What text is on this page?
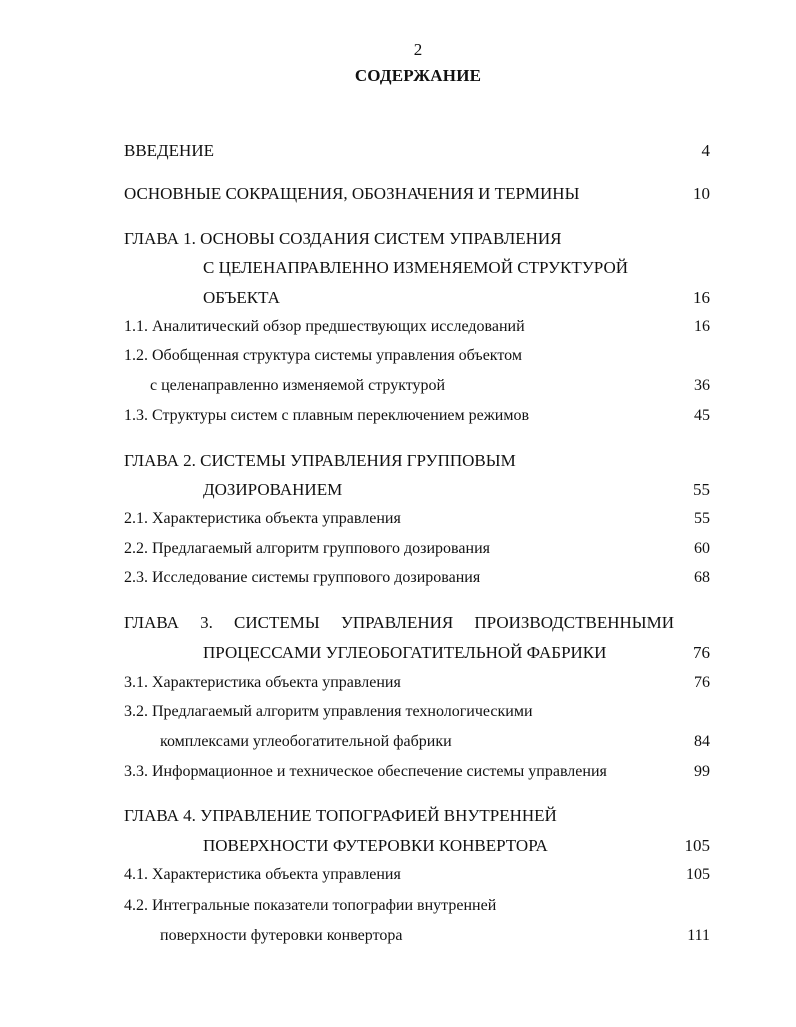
2
СОДЕРЖАНИЕ
ВВЕДЕНИЕ	4
ОСНОВНЫЕ СОКРАЩЕНИЯ, ОБОЗНАЧЕНИЯ И ТЕРМИНЫ	10
ГЛАВА 1. ОСНОВЫ СОЗДАНИЯ СИСТЕМ УПРАВЛЕНИЯ
С ЦЕЛЕНАПРАВЛЕННО ИЗМЕНЯЕМОЙ СТРУКТУРОЙ
ОБЪЕКТА	16
1.1. Аналитический обзор предшествующих исследований	16
1.2. Обобщенная структура системы управления объектом
с целенаправленно изменяемой структурой	36
1.3. Структуры систем с плавным переключением режимов	45
ГЛАВА 2. СИСТЕМЫ УПРАВЛЕНИЯ ГРУППОВЫМ
ДОЗИРОВАНИЕМ	55
2.1. Характеристика объекта управления	55
2.2. Предлагаемый алгоритм группового дозирования	60
2.3. Исследование системы группового дозирования	68
ГЛАВА 3. СИСТЕМЫ УПРАВЛЕНИЯ ПРОИЗВОДСТВЕННЫМИ
ПРОЦЕССАМИ УГЛЕОБОГАТИТЕЛЬНОЙ ФАБРИКИ	76
3.1. Характеристика объекта управления	76
3.2. Предлагаемый алгоритм управления технологическими
комплексами углеобогатительной фабрики	84
3.3. Информационное и техническое обеспечение системы управления	99
ГЛАВА 4. УПРАВЛЕНИЕ ТОПОГРАФИЕЙ ВНУТРЕННЕЙ
ПОВЕРХНОСТИ ФУТЕРОВКИ КОНВЕРТОРА	105
4.1. Характеристика объекта управления	105
4.2. Интегральные показатели топографии внутренней
поверхности футеровки конвертора	111
